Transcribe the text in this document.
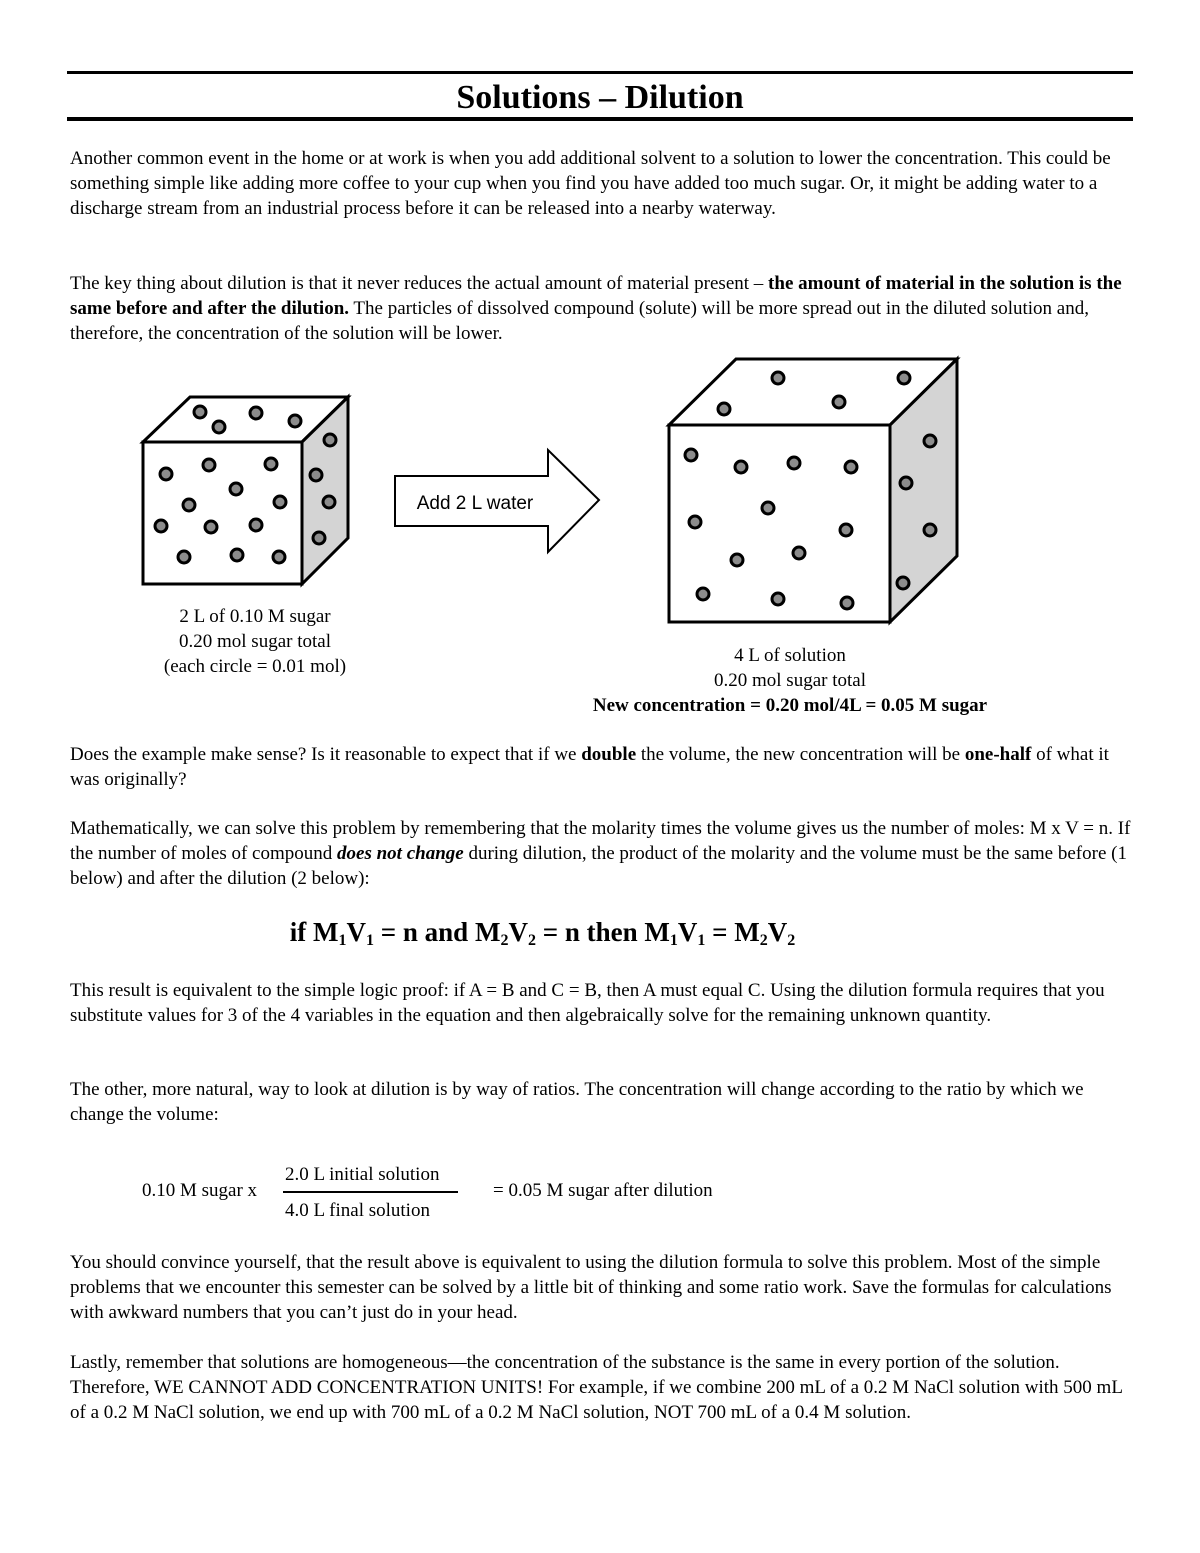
Solutions – Dilution

Another common event in the home or at work is when you add additional solvent to a solution to lower the concentration. This could be something simple like adding more coffee to your cup when you find you have added too much sugar. Or, it might be adding water to a discharge stream from an industrial process before it can be released into a nearby waterway.

The key thing about dilution is that it never reduces the actual amount of material present – the amount of material in the solution is the same before and after the dilution. The particles of dissolved compound (solute) will be more spread out in the diluted solution and, therefore, the concentration of the solution will be lower.

Add 2 L water
2 L of 0.10 M sugar
0.20 mol sugar total
(each circle = 0.01 mol)
4 L of solution
0.20 mol sugar total
New concentration = 0.20 mol/4L = 0.05 M sugar

Does the example make sense? Is it reasonable to expect that if we double the volume, the new concentration will be one-half of what it was originally?

Mathematically, we can solve this problem by remembering that the molarity times the volume gives us the number of moles: M x V = n. If the number of moles of compound does not change during dilution, the product of the molarity and the volume must be the same before (1 below) and after the dilution (2 below):

if $M_1V_1 = n$ and $M_2V_2 = n$ then $M_1V_1 = M_2V_2$

This result is equivalent to the simple logic proof: if A = B and C = B, then A must equal C. Using the dilution formula requires that you substitute values for 3 of the 4 variables in the equation and then algebraically solve for the remaining unknown quantity.

The other, more natural, way to look at dilution is by way of ratios. The concentration will change according to the ratio by which we change the volume:

0.10 M sugar x
2.0 L initial solution
4.0 L final solution
= 0.05 M sugar after dilution

You should convince yourself, that the result above is equivalent to using the dilution formula to solve this problem. Most of the simple problems that we encounter this semester can be solved by a little bit of thinking and some ratio work. Save the formulas for calculations with awkward numbers that you can’t just do in your head.

Lastly, remember that solutions are homogeneous—the concentration of the substance is the same in every portion of the solution. Therefore, WE CANNOT ADD CONCENTRATION UNITS! For example, if we combine 200 mL of a 0.2 M NaCl solution with 500 mL of a 0.2 M NaCl solution, we end up with 700 mL of a 0.2 M NaCl solution, NOT 700 mL of a 0.4 M solution.
